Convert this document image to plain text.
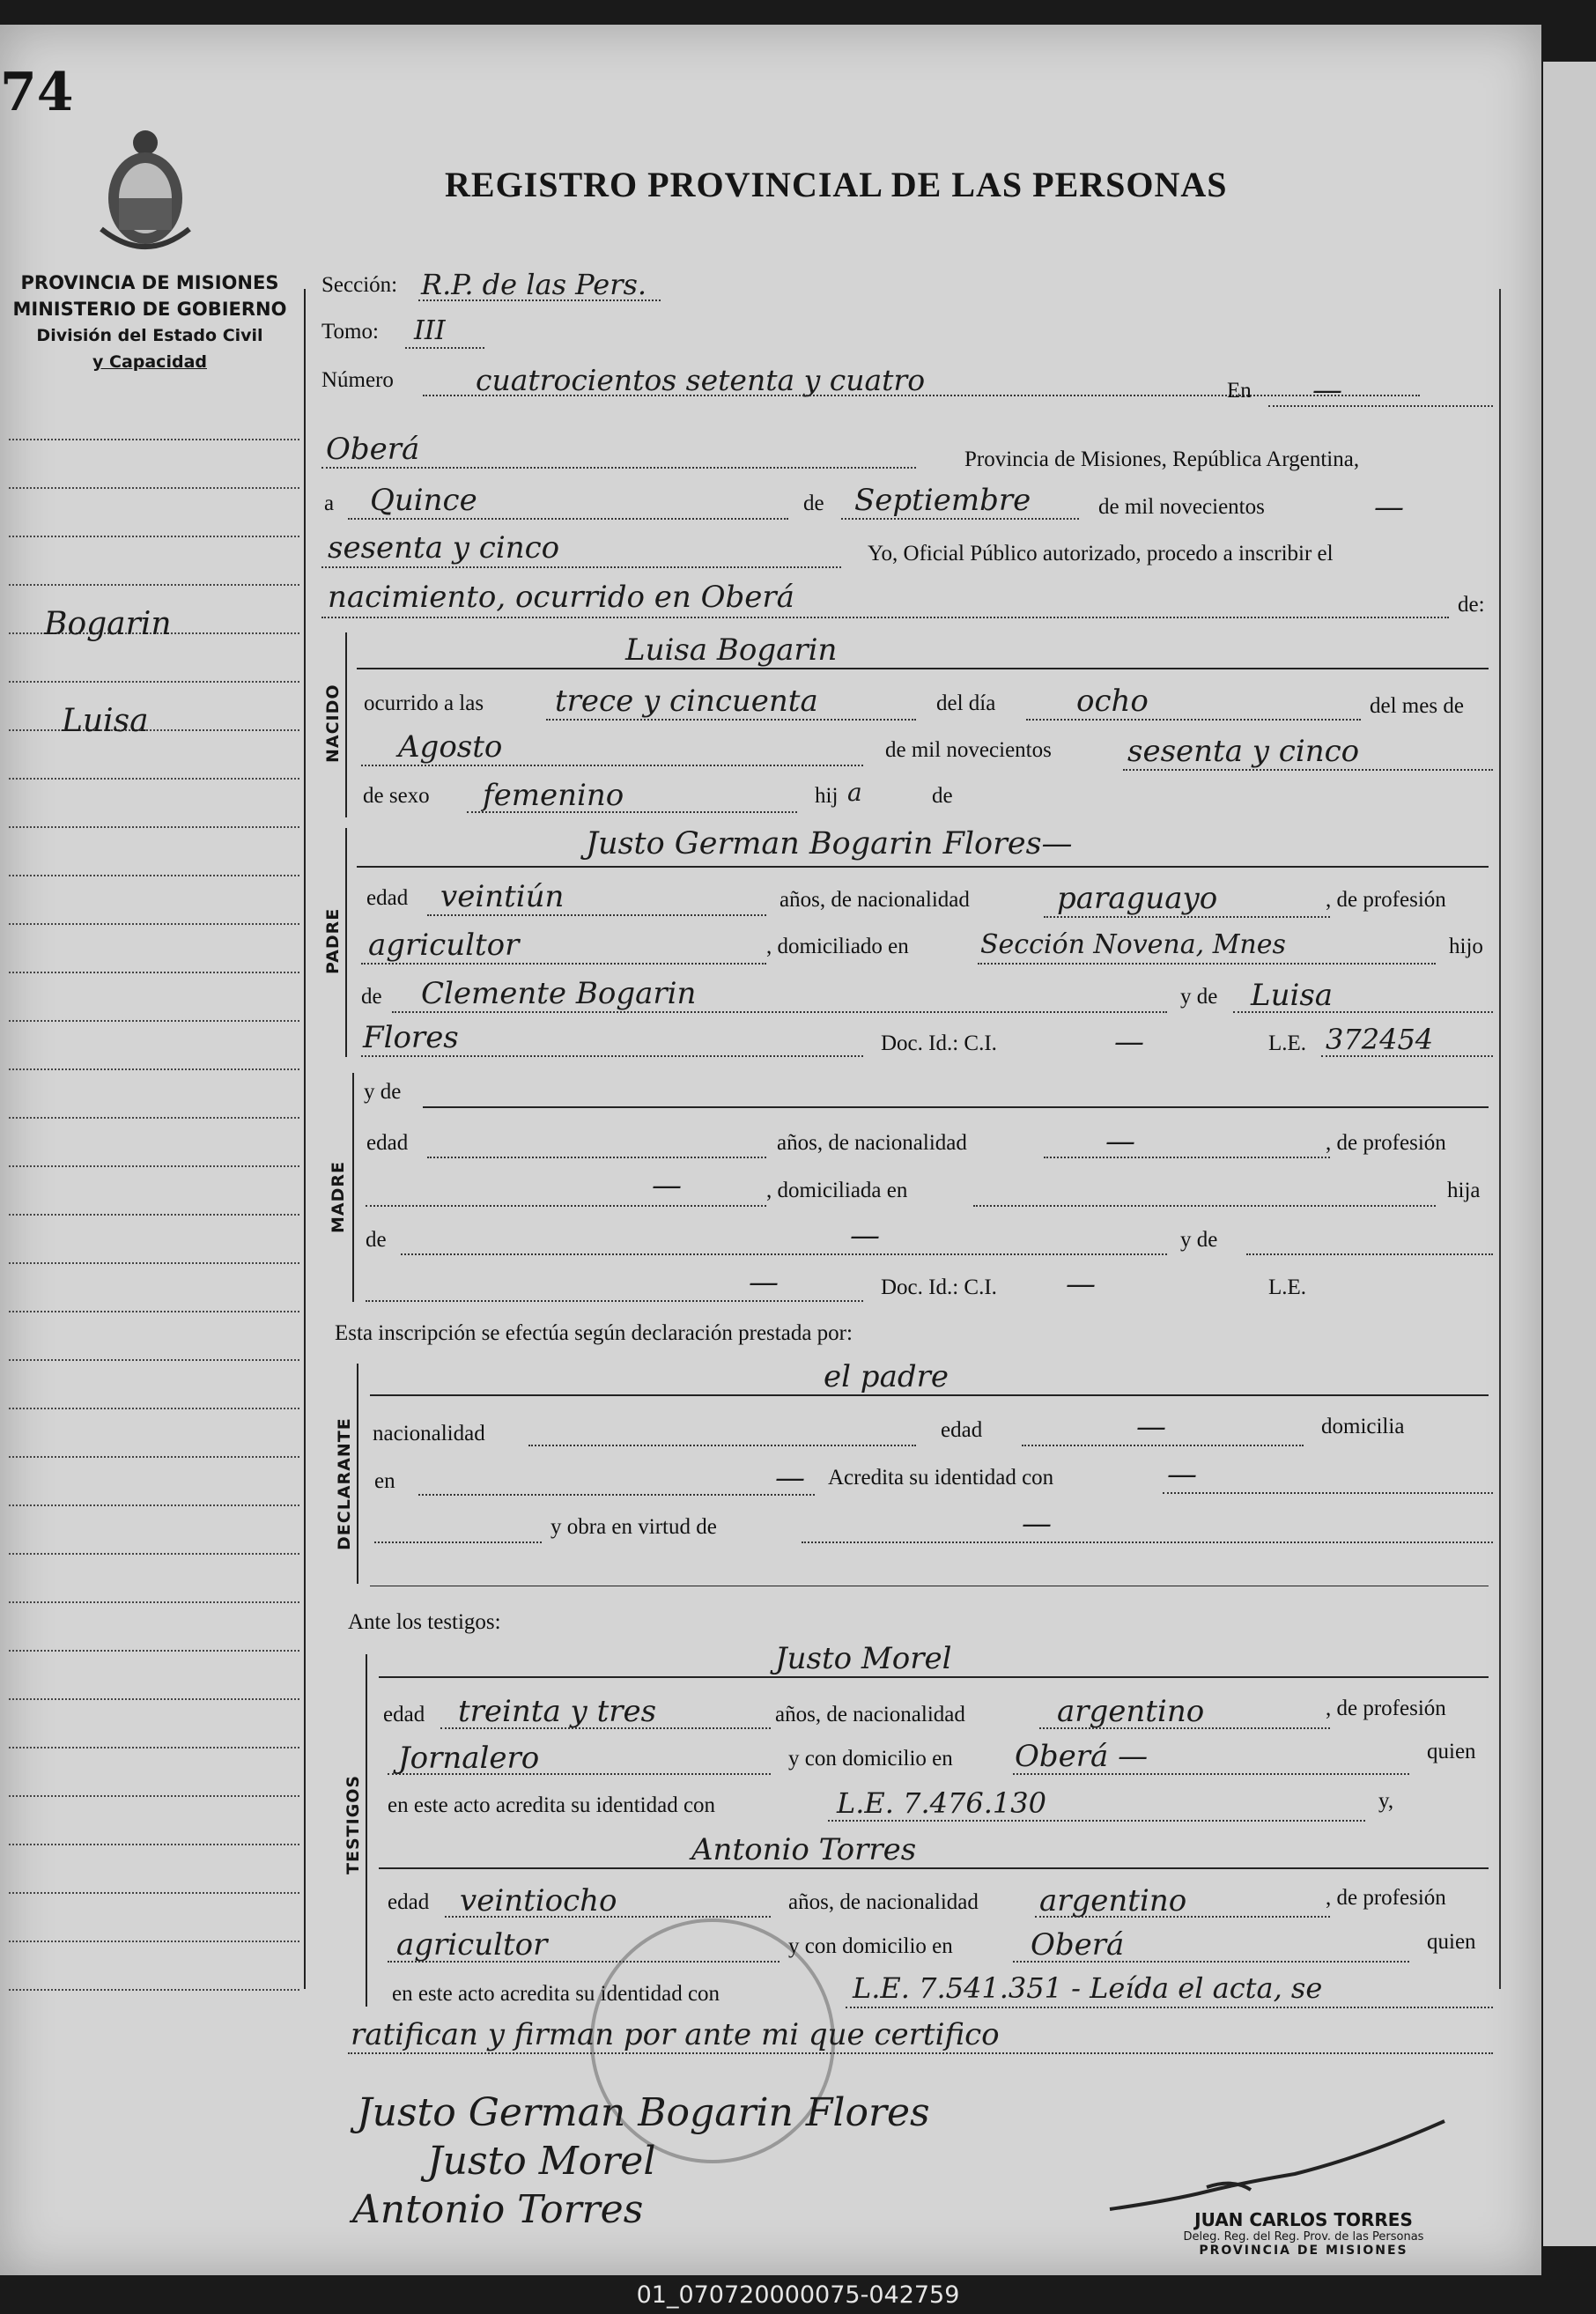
74
PROVINCIA DE MISIONES
MINISTERIO DE GOBIERNO
División del Estado Civil
y Capacidad
REGISTRO PROVINCIAL DE LAS PERSONAS
Bogarin
Luisa
Sección: R.P. de las Pers.
Tomo: III
Número	cuatrocientos setenta y cuatro	En —
Oberá	Provincia de Misiones, República Argentina,
a Quince	de Septiembre	de mil novecientos	—
sesenta y cinco	Yo, Oficial Público autorizado, procedo a inscribir el
nacimiento, ocurrido en Oberá	de:
NACIDO
Luisa Bogarin
ocurrido a las trece y cincuenta	del día	ocho	del mes de
Agosto	de mil novecientos	sesenta y cinco
de sexo femenino	hij a	de
PADRE
Justo German Bogarin Flores—
edad veintiún	años, de nacionalidad	paraguayo	, de profesión
agricultor	, domiciliado en	Sección Novena, Mnes	hijo
de Clemente Bogarin	y de Luisa
Flores	Doc. Id.: C.I.	—	L.E. 372454
MADRE
y de
edad	años, de nacionalidad	—	, de profesión
—	, domiciliada en	hija
de	—	y de
—	Doc. Id.: C.I. —	L.E.
Esta inscripción se efectúa según declaración prestada por:
DECLARANTE
el padre
nacionalidad	edad	—	domicilia
en	— Acredita su identidad con	—
y obra en virtud de	—
Ante los testigos:
TESTIGOS
Justo Morel
edad treinta y tres	años, de nacionalidad	argentino	, de profesión
Jornalero	y con domicilio en Oberá —	quien
en este acto acredita su identidad con	L.E. 7.476.130	y,
Antonio Torres
edad veintiocho	años, de nacionalidad argentino	, de profesión
agricultor	y con domicilio en	Oberá	quien
en este acto acredita su identidad con	L.E. 7.541.351 - Leída el acta, se
ratifican y firman por ante mi que certifico
Justo German Bogarin Flores
Justo Morel
Antonio Torres	JUAN CARLOS TORRES
Deleg. Reg. del Reg. Prov. de las Personas
PROVINCIA DE MISIONES
01_070720000075-042759
